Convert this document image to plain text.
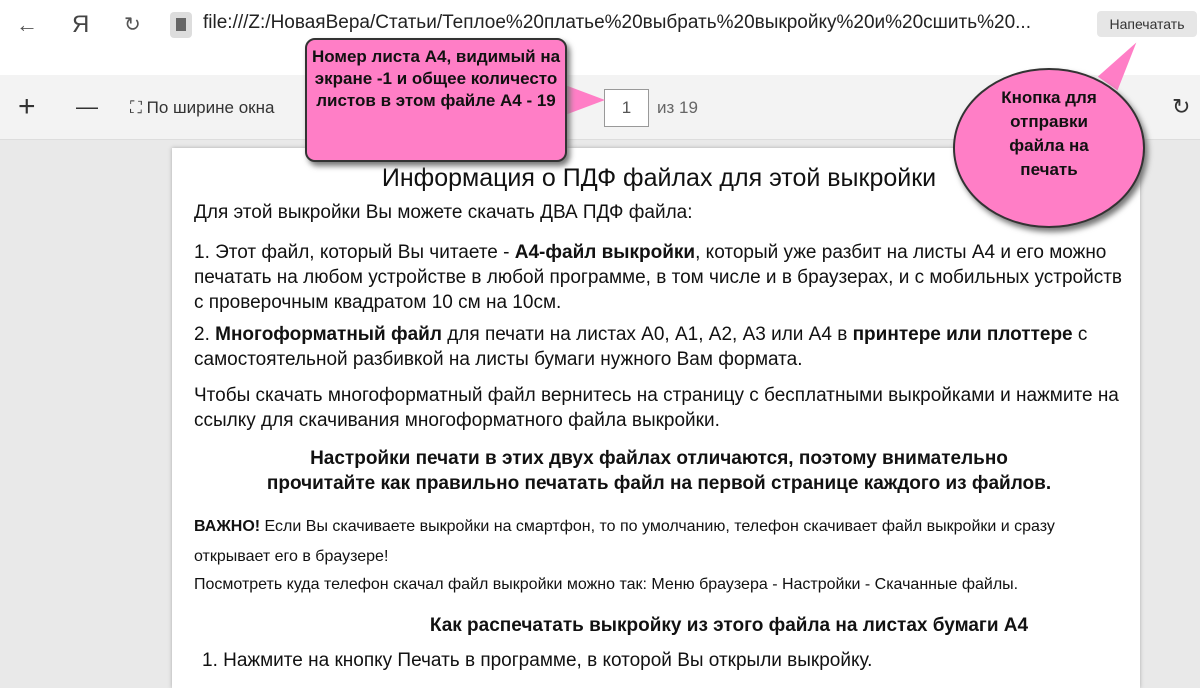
← Я ↻	file:///Z:/НоваяВера/Статьи/Теплое%20платье%20выбрать%20выкройку%20и%20сшить%20...	Напечатать
+ — ⛶ По ширине окна	1	из 19	↻

Информация о ПДФ файлах для этой выкройки

Для этой выкройки Вы можете скачать ДВА ПДФ файла:

1. Этот файл, который Вы читаете - А4-файл выкройки, который уже разбит на листы А4 и его можно печатать на любом устройстве в любой программе, в том числе и в браузерах, и с мобильных устройств с проверочным квадратом 10 см на 10см.

2. Многоформатный файл для печати на листах А0, А1, А2, А3 или А4 в принтере или плоттере с самостоятельной разбивкой на листы бумаги нужного Вам формата.

Чтобы скачать многоформатный файл вернитесь на страницу с бесплатными выкройками и нажмите на ссылку для скачивания многоформатного файла выкройки.

Настройки печати в этих двух файлах отличаются, поэтому внимательно прочитайте как правильно печатать файл на первой странице каждого из файлов.

ВАЖНО! Если Вы скачиваете выкройки на смартфон, то по умолчанию, телефон скачивает файл выкройки и сразу открывает его в браузере!

Посмотреть куда телефон скачал файл выкройки можно так: Меню браузера - Настройки - Скачанные файлы.

Как распечатать выкройку из этого файла на листах бумаги А4

1. Нажмите на кнопку Печать в программе, в которой Вы открыли выкройку.

Номер листа А4, видимый на экране -1 и общее количесто листов в этом файле А4 - 19	Кнопка для отправки файла на печать
